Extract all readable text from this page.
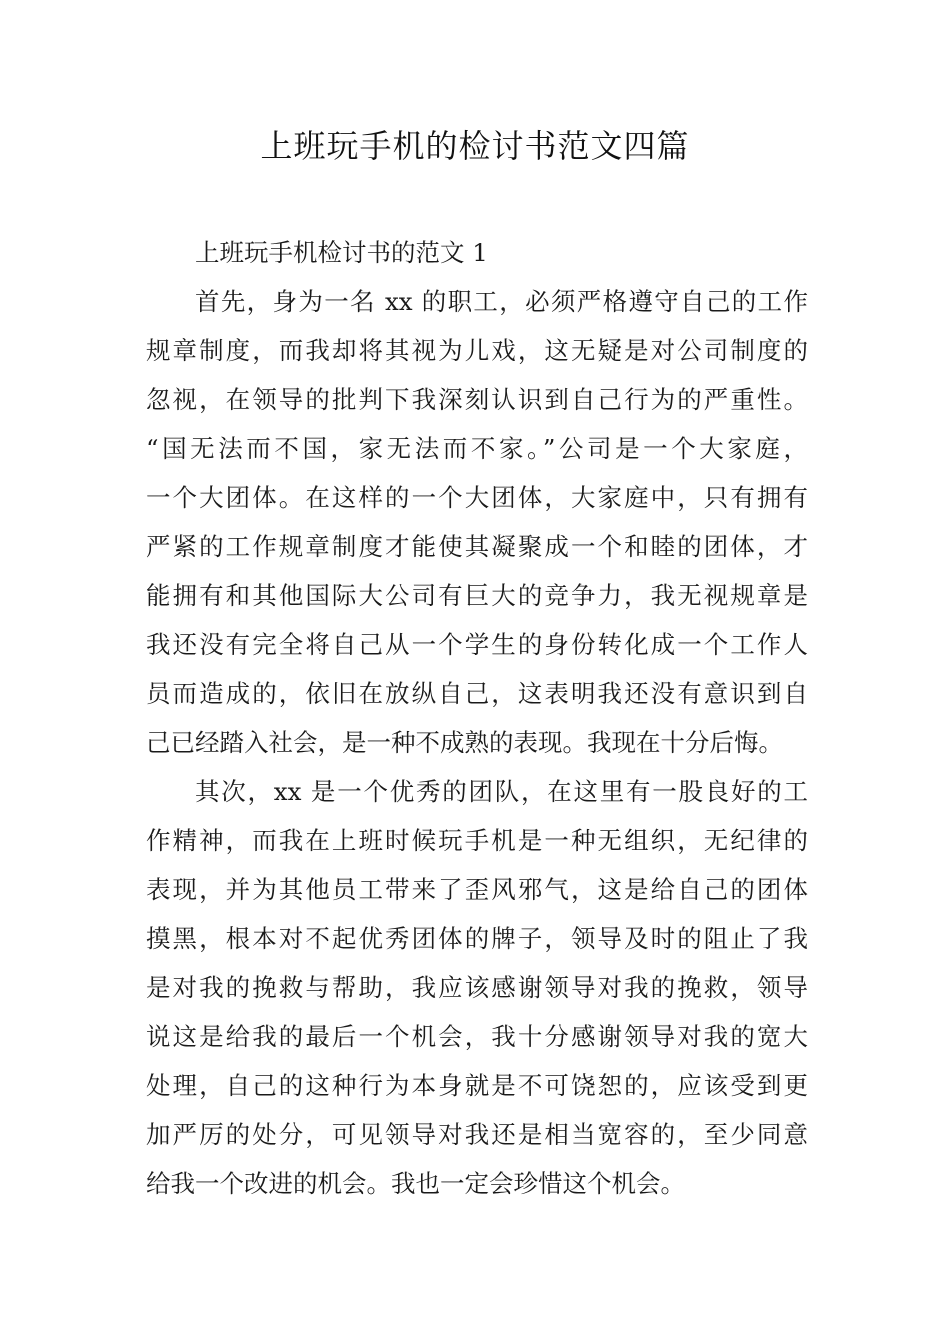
上班玩手机的检讨书范文四篇
上班玩手机检讨书的范文 1
首先，身为一名 xx 的职工，必须严格遵守自己的工作
规章制度，而我却将其视为儿戏，这无疑是对公司制度的
忽视，在领导的批判下我深刻认识到自己行为的严重性。
“国无法而不国，家无法而不家。”公司是一个大家庭，
一个大团体。在这样的一个大团体，大家庭中，只有拥有
严紧的工作规章制度才能使其凝聚成一个和睦的团体，才
能拥有和其他国际大公司有巨大的竞争力，我无视规章是
我还没有完全将自己从一个学生的身份转化成一个工作人
员而造成的，依旧在放纵自己，这表明我还没有意识到自
己已经踏入社会，是一种不成熟的表现。我现在十分后悔。
其次，xx 是一个优秀的团队，在这里有一股良好的工
作精神，而我在上班时候玩手机是一种无组织，无纪律的
表现，并为其他员工带来了歪风邪气，这是给自己的团体
摸黑，根本对不起优秀团体的牌子，领导及时的阻止了我
是对我的挽救与帮助，我应该感谢领导对我的挽救，领导
说这是给我的最后一个机会，我十分感谢领导对我的宽大
处理，自己的这种行为本身就是不可饶恕的，应该受到更
加严厉的处分，可见领导对我还是相当宽容的，至少同意
给我一个改进的机会。我也一定会珍惜这个机会。
